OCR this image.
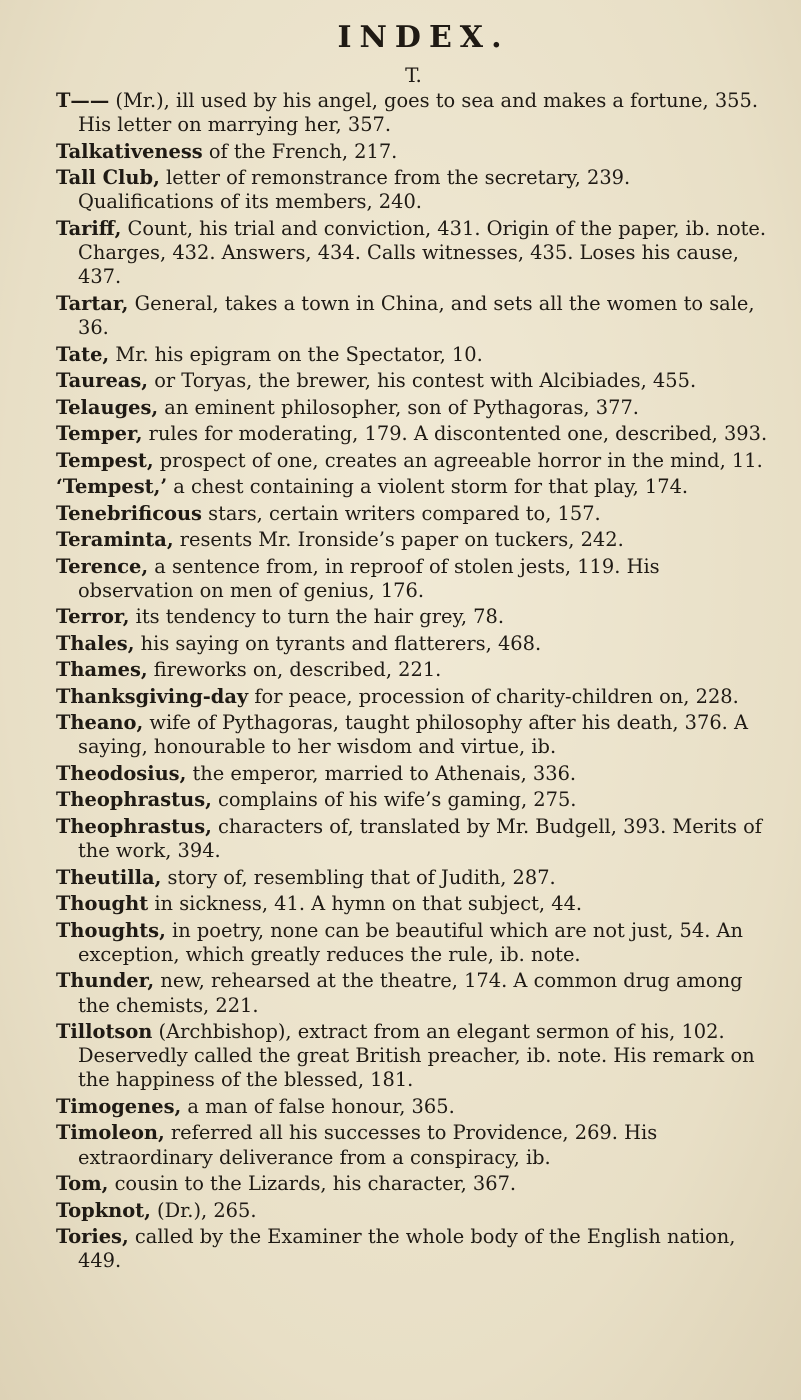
INDEX.
T.

T—— (Mr.), ill used by his angel, goes to sea and makes a fortune, 355. His letter on marrying her, 357.

Talkativeness of the French, 217.

Tall Club, letter of remonstrance from the secretary, 239. Qualifications of its members, 240.

Tariff, Count, his trial and conviction, 431. Origin of the paper, ib. note. Charges, 432. Answers, 434. Calls witnesses, 435. Loses his cause, 437.

Tartar, General, takes a town in China, and sets all the women to sale, 36.

Tate, Mr. his epigram on the Spectator, 10.

Taureas, or Toryas, the brewer, his contest with Alcibiades, 455.

Telauges, an eminent philosopher, son of Pythagoras, 377.

Temper, rules for moderating, 179. A discontented one, described, 393.

Tempest, prospect of one, creates an agreeable horror in the mind, 11.

‘Tempest,’ a chest containing a violent storm for that play, 174.

Tenebrificous stars, certain writers compared to, 157.

Teraminta, resents Mr. Ironside’s paper on tuckers, 242.

Terence, a sentence from, in reproof of stolen jests, 119. His observation on men of genius, 176.

Terror, its tendency to turn the hair grey, 78.

Thales, his saying on tyrants and flatterers, 468.

Thames, fireworks on, described, 221.

Thanksgiving-day for peace, procession of charity-children on, 228.

Theano, wife of Pythagoras, taught philosophy after his death, 376. A saying, honourable to her wisdom and virtue, ib.

Theodosius, the emperor, married to Athenais, 336.

Theophrastus, complains of his wife’s gaming, 275.

Theophrastus, characters of, translated by Mr. Budgell, 393. Merits of the work, 394.

Theutilla, story of, resembling that of Judith, 287.

Thought in sickness, 41. A hymn on that subject, 44.

Thoughts, in poetry, none can be beautiful which are not just, 54. An exception, which greatly reduces the rule, ib. note.

Thunder, new, rehearsed at the theatre, 174. A common drug among the chemists, 221.

Tillotson (Archbishop), extract from an elegant sermon of his, 102. Deservedly called the great British preacher, ib. note. His remark on the happiness of the blessed, 181.

Timogenes, a man of false honour, 365.

Timoleon, referred all his successes to Providence, 269. His extraordinary deliverance from a conspiracy, ib.

Tom, cousin to the Lizards, his character, 367.

Topknot, (Dr.), 265.

Tories, called by the Examiner the whole body of the English nation, 449.
